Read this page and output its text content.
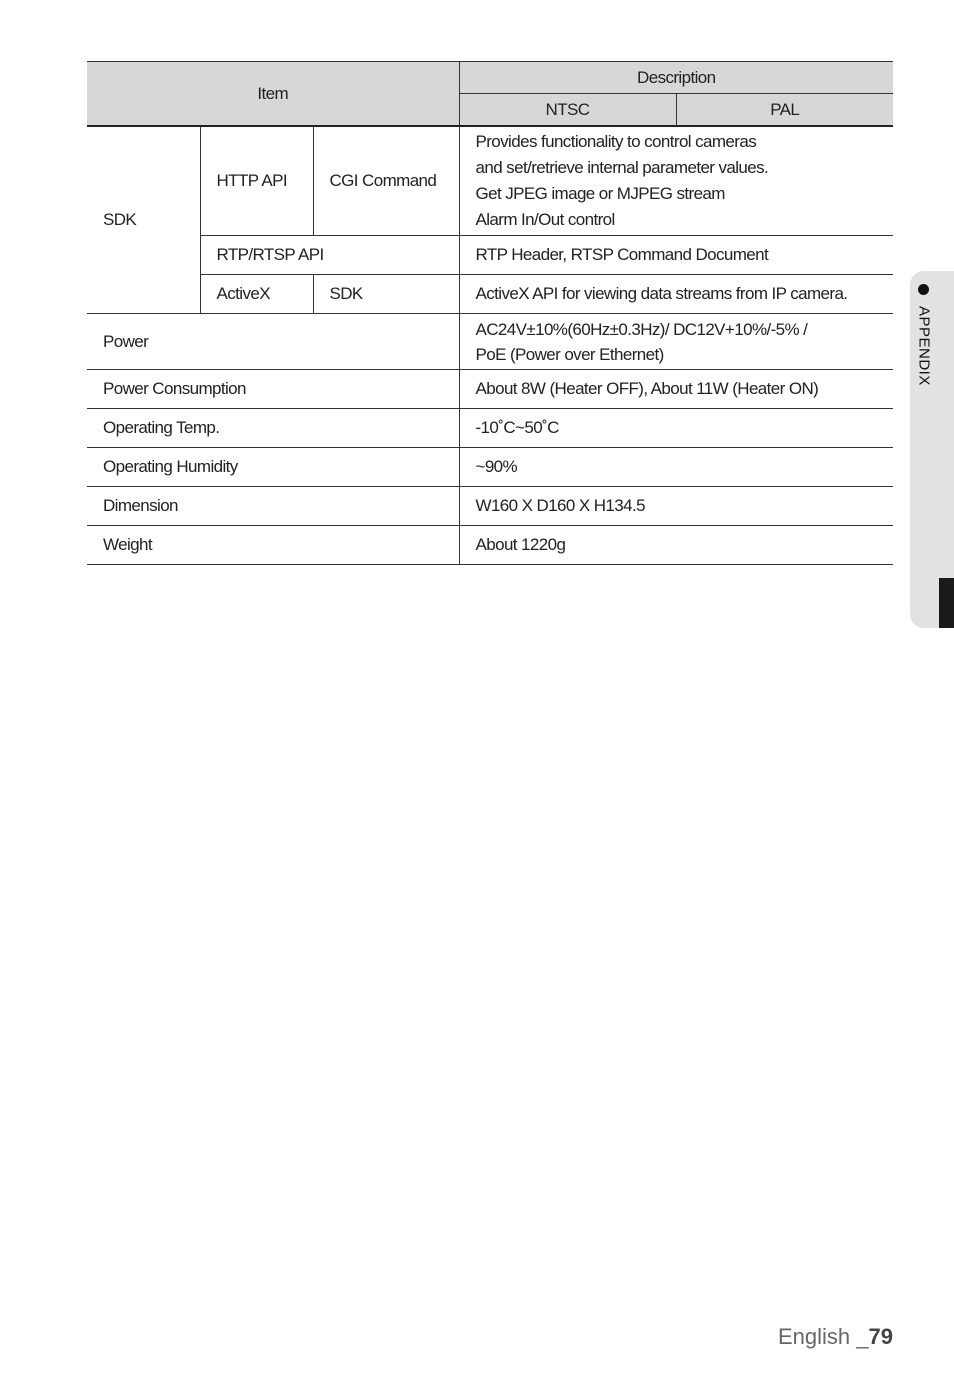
Item			Description	
			NTSC	PAL
SDK	HTTP API	CGI Command	Provides functionality to control cameras
and set/retrieve internal parameter values.
Get JPEG image or MJPEG stream
Alarm In/Out control	

	RTP/RTSP API		RTP Header, RTSP Command Document	
	ActiveX	SDK	ActiveX API for viewing data streams from IP camera.	
Power			AC24V±10%(60Hz±0.3Hz)/ DC12V+10%/-5% /
PoE (Power over Ethernet)	

Power Consumption			About 8W (Heater OFF), About 11W (Heater ON)	
Operating Temp.			-10˚C~50˚C	
Operating Humidity			~90%	
Dimension			W160 X D160 X H134.5	
Weight			About 1220g	
APPENDIX
English _79
